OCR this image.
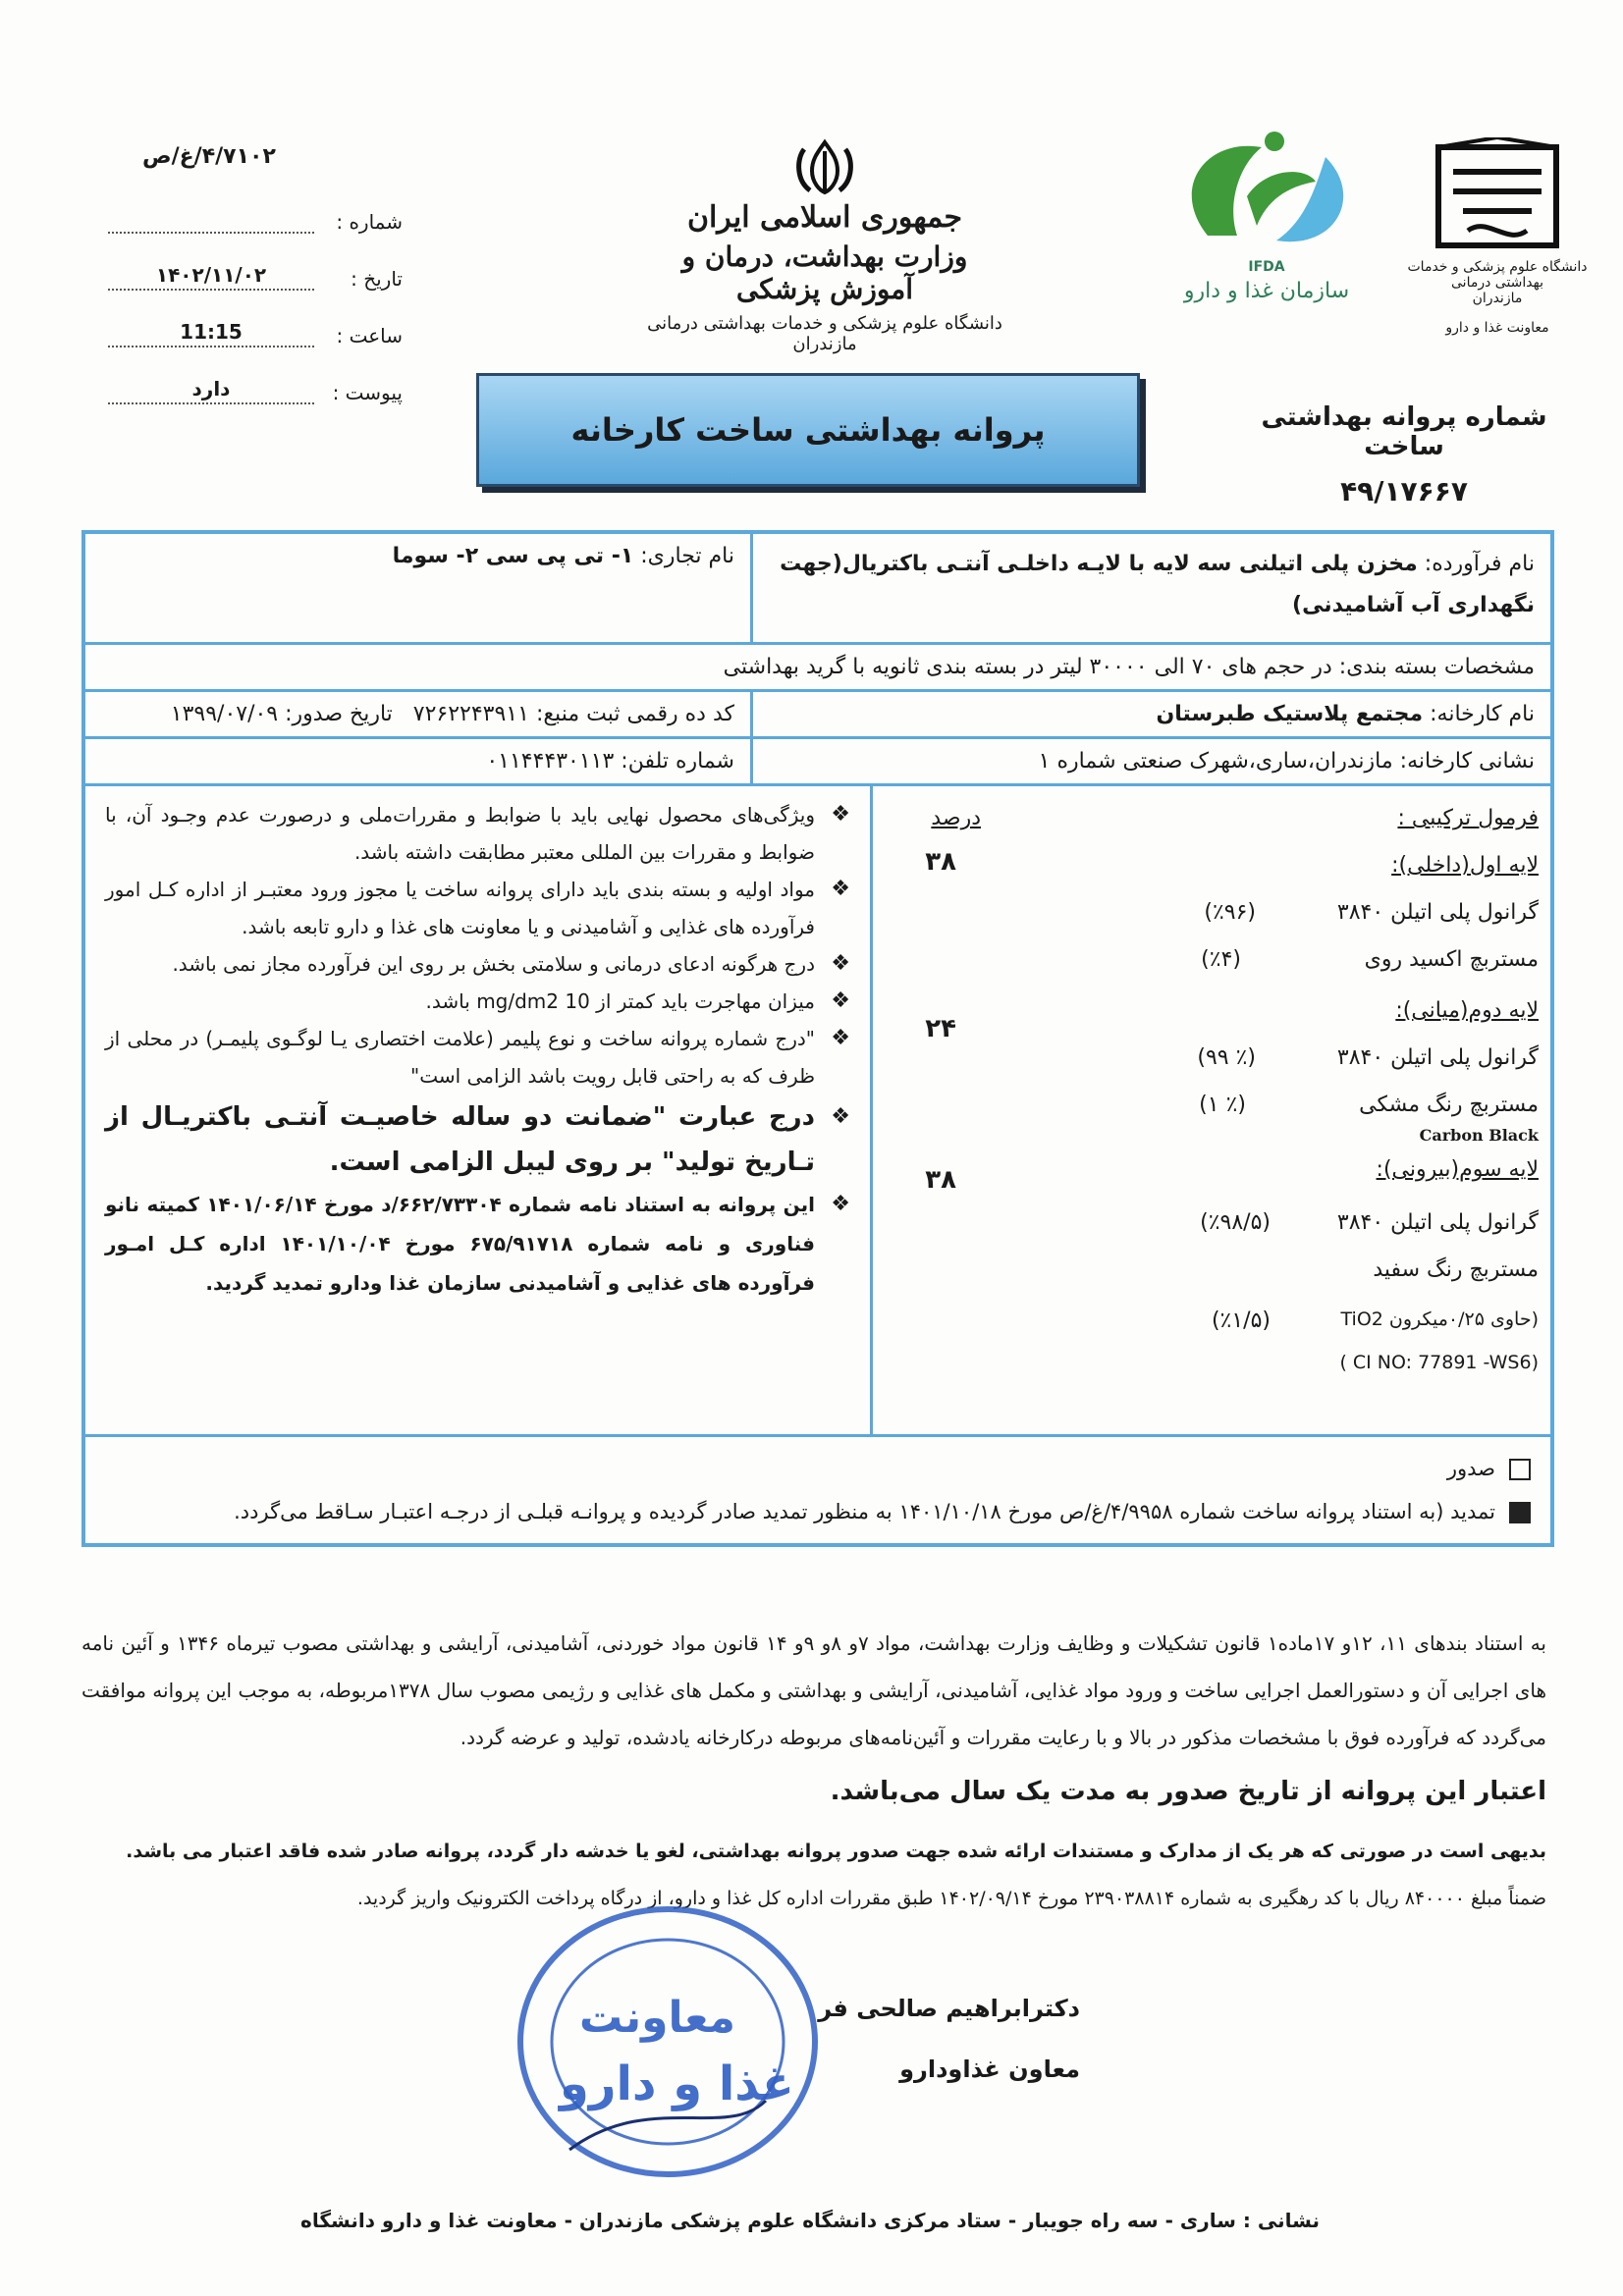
۴/۷۱۰۲/غ/ص
شماره :
تاریخ :
۱۴۰۲/۱۱/۰۲
ساعت :
11:15
پیوست :
دارد
جمهوری اسلامی ایران
وزارت بهداشت، درمان و آموزش پزشکی
دانشگاه علوم پزشکی و خدمات بهداشتی درمانی مازندران
IFDA
سازمان غذا و دارو
دانشگاه علوم پزشکی و خدمات بهداشتی درمانی
مازندران
معاونت غذا و دارو
پروانه بهداشتی ساخت کارخانه	شماره پروانه بهداشتی ساخت
۴۹/۱۷۶۶۷
نام فرآورده: مخزن پلی اتیلنی سه لایه با لایـه داخلـی آنتـی باکتریال(جهت نگهداری آب آشامیدنی)
نام تجاری: ۱- تی پی سی ۲- سوما
مشخصات بسته بندی: در حجم های ۷۰ الی ۳۰۰۰۰ لیتر در بسته بندی ثانویه با گرید بهداشتی
نام کارخانه: مجتمع پلاستیک طبرستان
کد ده رقمی ثبت منبع: ۷۲۶۲۲۴۳۹۱۱   تاریخ صدور: ۱۳۹۹/۰۷/۰۹
نشانی کارخانه: مازندران،ساری،شهرک صنعتی شماره ۱
شماره تلفن: ۰۱۱۴۴۴۳۰۱۱۳
فرمول ترکیبی :
درصد
لایه اول(داخلی):
۳۸
گرانول پلی اتیلن ۳۸۴۰
(٪۹۶)
مستربچ اکسید روی
(٪۴)
لایه دوم(میانی):
۲۴
گرانول پلی اتیلن ۳۸۴۰
(٪ ۹۹)
مستربچ رنگ مشکی
(٪ ۱)
Carbon Black
لایه سوم(بیرونی):
۳۸
گرانول پلی اتیلن ۳۸۴۰
(٪۹۸/۵)
مستربچ رنگ سفید
(حاوی ۰/۲۵میکرون TiO2
(٪۱/۵)
( CI NO: 77891 -WS6)
❖
ویژگی‌های محصول نهایی باید با ضوابط و مقررات‌ملی و درصورت عدم وجـود آن، با ضوابط و مقررات بین المللی معتبر مطابقت داشته باشد.
❖
مواد اولیه و بسته بندی باید دارای پروانه ساخت یا مجوز ورود معتبـر از اداره کـل امور فرآورده های غذایی و آشامیدنی و یا معاونت های غذا و دارو تابعه باشد.
❖
درج هرگونه ادعای درمانی و سلامتی بخش بر روی این فرآورده مجاز نمی باشد.
❖
میزان مهاجرت باید کمتر از 10 mg/dm2 باشد.
❖
"درج شماره پروانه ساخت و نوع پلیمر (علامت اختصاری یـا لوگـوی پلیمـر) در محلی از ظرف که به راحتی قابل رویت باشد الزامی است"
❖
درج عبارت "ضمانت دو ساله خاصیـت آنتـی باکتریـال از تـاریخ تولید" بر روی لیبل الزامی است.
❖
این پروانه به استناد نامه شماره ۶۶۲/۷۳۳۰۴/د مورخ ۱۴۰۱/۰۶/۱۴ کمیته نانو فناوری و نامه شماره ۶۷۵/۹۱۷۱۸ مورخ ۱۴۰۱/۱۰/۰۴ اداره کـل امـور فرآورده های غذایی و آشامیدنی سازمان غذا ودارو تمدید گردید.
صدور
تمدید (به استناد پروانه ساخت شماره ۴/۹۹۵۸/غ/ص مورخ ۱۴۰۱/۱۰/۱۸ به منظور تمدید صادر گردیده و پروانـه قبلـی از درجـه اعتبـار سـاقط می‌گردد.
به استناد بندهای ۱۱، ۱۲و ۱۷ماده۱ قانون تشکیلات و وظایف وزارت بهداشت، مواد ۷و ۸و ۹و ۱۴ قانون مواد خوردنی، آشامیدنی، آرایشی و بهداشتی مصوب تیرماه ۱۳۴۶ و آئین نامه های اجرایی آن و دستورالعمل اجرایی ساخت و ورود مواد غذایی، آشامیدنی، آرایشی و بهداشتی و مکمل های غذایی و رژیمی مصوب سال ۱۳۷۸مربوطه، به موجب این پروانه موافقت می‌گردد که فرآورده فوق با مشخصات مذکور در بالا و با رعایت مقررات و آئین‌نامه‌های مربوطه درکارخانه یادشده، تولید و عرضه گردد.
اعتبار این پروانه از تاریخ صدور به مدت یک سال می‌باشد.
بدیهی است در صورتی که هر یک از مدارک و مستندات ارائه شده جهت صدور پروانه بهداشتی، لغو یا خدشه دار گردد، پروانه صادر شده فاقد اعتبار می باشد.
ضمناً مبلغ ۸۴۰۰۰۰ ریال با کد رهگیری به شماره ۲۳۹۰۳۸۸۱۴ مورخ ۱۴۰۲/۰۹/۱۴ طبق مقررات اداره کل غذا و دارو، از درگاه پرداخت الکترونیک واریز گردید.
معاونت
غذا و دارو
دکترابراهیم صالحی فر
معاون غذاودارو
نشانی : ساری - سه راه جویبار - ستاد مرکزی دانشگاه علوم پزشکی مازندران - معاونت غذا و دارو دانشگاه
